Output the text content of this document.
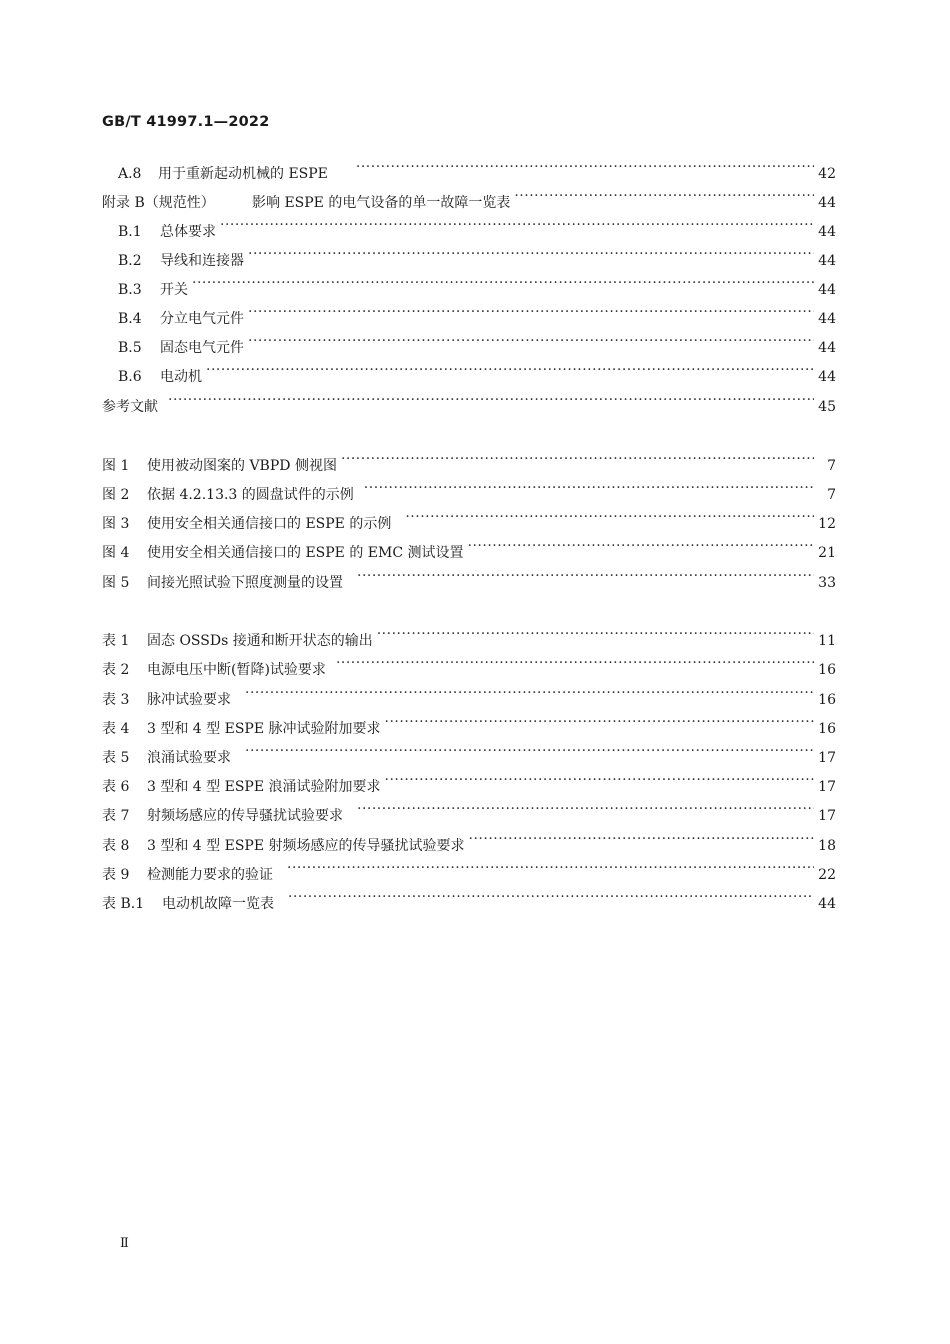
GB/T 41997.1—2022
A.8	用于重新起动机械的 ESPE ·····	42
附录 B（规范性）	影响 ESPE 的电气设备的单一故障一览表 ·····	44
B.1	总体要求 ·····	44
B.2	导线和连接器 ·····	44
B.3	开关 ·····	44
B.4	分立电气元件 ·····	44
B.5	固态电气元件 ·····	44
B.6	电动机 ·····	44
参考文献 ·····	45
图 1	使用被动图案的 VBPD 侧视图 ·····	7
图 2	依据 4.2.13.3 的圆盘试件的示例 ·····	7
图 3	使用安全相关通信接口的 ESPE 的示例 ·····	12
图 4	使用安全相关通信接口的 ESPE 的 EMC 测试设置 ·····	21
图 5	间接光照试验下照度测量的设置 ·····	33
表 1	固态 OSSDs 接通和断开状态的输出 ·····	11
表 2	电源电压中断(暂降)试验要求 ·····	16
表 3	脉冲试验要求 ·····	16
表 4	3 型和 4 型 ESPE 脉冲试验附加要求 ·····	16
表 5	浪涌试验要求 ·····	17
表 6	3 型和 4 型 ESPE 浪涌试验附加要求 ·····	17
表 7	射频场感应的传导骚扰试验要求 ·····	17
表 8	3 型和 4 型 ESPE 射频场感应的传导骚扰试验要求 ·····	18
表 9	检测能力要求的验证 ·····	22
表 B.1	电动机故障一览表 ·····	44
Ⅱ
